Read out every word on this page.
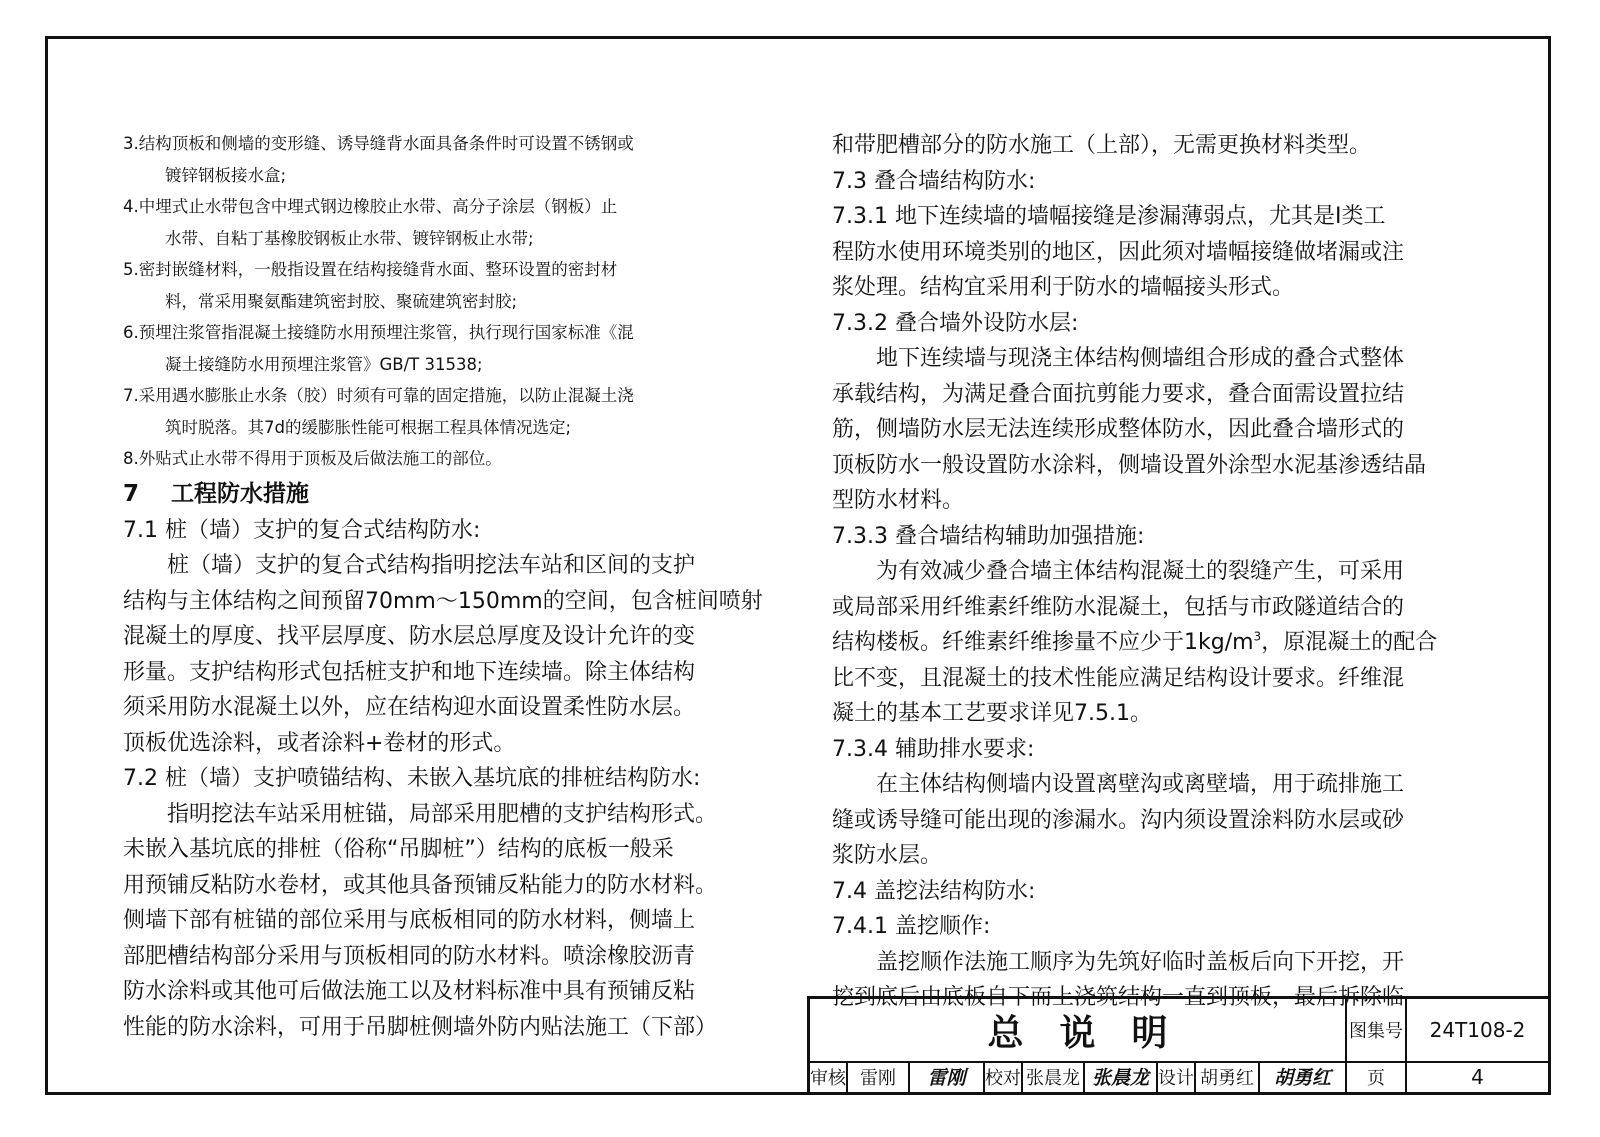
3.结构顶板和侧墙的变形缝、诱导缝背水面具备条件时可设置不锈钢或

镀锌钢板接水盒;

4.中埋式止水带包含中埋式钢边橡胶止水带、高分子涂层（钢板）止

水带、自粘丁基橡胶钢板止水带、镀锌钢板止水带;

5.密封嵌缝材料，一般指设置在结构接缝背水面、整环设置的密封材

料，常采用聚氨酯建筑密封胶、聚硫建筑密封胶;

6.预埋注浆管指混凝土接缝防水用预埋注浆管，执行现行国家标准《混

凝土接缝防水用预埋注浆管》GB/T 31538;

7.采用遇水膨胀止水条（胶）时须有可靠的固定措施，以防止混凝土浇

筑时脱落。其7d的缓膨胀性能可根据工程具体情况选定;

8.外贴式止水带不得用于顶板及后做法施工的部位。

7 工程防水措施

7.1 桩（墙）支护的复合式结构防水:

桩（墙）支护的复合式结构指明挖法车站和区间的支护

结构与主体结构之间预留70mm～150mm的空间，包含桩间喷射

混凝土的厚度、找平层厚度、防水层总厚度及设计允许的变

形量。支护结构形式包括桩支护和地下连续墙。除主体结构

须采用防水混凝土以外，应在结构迎水面设置柔性防水层。

顶板优选涂料，或者涂料+卷材的形式。

7.2 桩（墙）支护喷锚结构、未嵌入基坑底的排桩结构防水:

指明挖法车站采用桩锚，局部采用肥槽的支护结构形式。

未嵌入基坑底的排桩（俗称“吊脚桩”）结构的底板一般采

用预铺反粘防水卷材，或其他具备预铺反粘能力的防水材料。

侧墙下部有桩锚的部位采用与底板相同的防水材料，侧墙上

部肥槽结构部分采用与顶板相同的防水材料。喷涂橡胶沥青

防水涂料或其他可后做法施工以及材料标准中具有预铺反粘

性能的防水涂料，可用于吊脚桩侧墙外防内贴法施工（下部）

和带肥槽部分的防水施工（上部），无需更换材料类型。

7.3 叠合墙结构防水:

7.3.1 地下连续墙的墙幅接缝是渗漏薄弱点，尤其是Ⅰ类工

程防水使用环境类别的地区，因此须对墙幅接缝做堵漏或注

浆处理。结构宜采用利于防水的墙幅接头形式。

7.3.2 叠合墙外设防水层:

地下连续墙与现浇主体结构侧墙组合形成的叠合式整体

承载结构，为满足叠合面抗剪能力要求，叠合面需设置拉结

筋，侧墙防水层无法连续形成整体防水，因此叠合墙形式的

顶板防水一般设置防水涂料，侧墙设置外涂型水泥基渗透结晶

型防水材料。

7.3.3 叠合墙结构辅助加强措施:

为有效减少叠合墙主体结构混凝土的裂缝产生，可采用

或局部采用纤维素纤维防水混凝土，包括与市政隧道结合的

结构楼板。纤维素纤维掺量不应少于$1kg/m^3$，原混凝土的配合

比不变，且混凝土的技术性能应满足结构设计要求。纤维混

凝土的基本工艺要求详见7.5.1。

7.3.4 辅助排水要求:

在主体结构侧墙内设置离壁沟或离壁墙，用于疏排施工

缝或诱导缝可能出现的渗漏水。沟内须设置涂料防水层或砂

浆防水层。

7.4 盖挖法结构防水:

7.4.1 盖挖顺作:

盖挖顺作法施工顺序为先筑好临时盖板后向下开挖，开

挖到底后由底板自下而上浇筑结构一直到顶板，最后拆除临

总说明	图集号	24T108-2
审核 雷刚	雷刚	校对 张晨龙 张晨龙 设计 胡勇红	胡勇红	页	4
